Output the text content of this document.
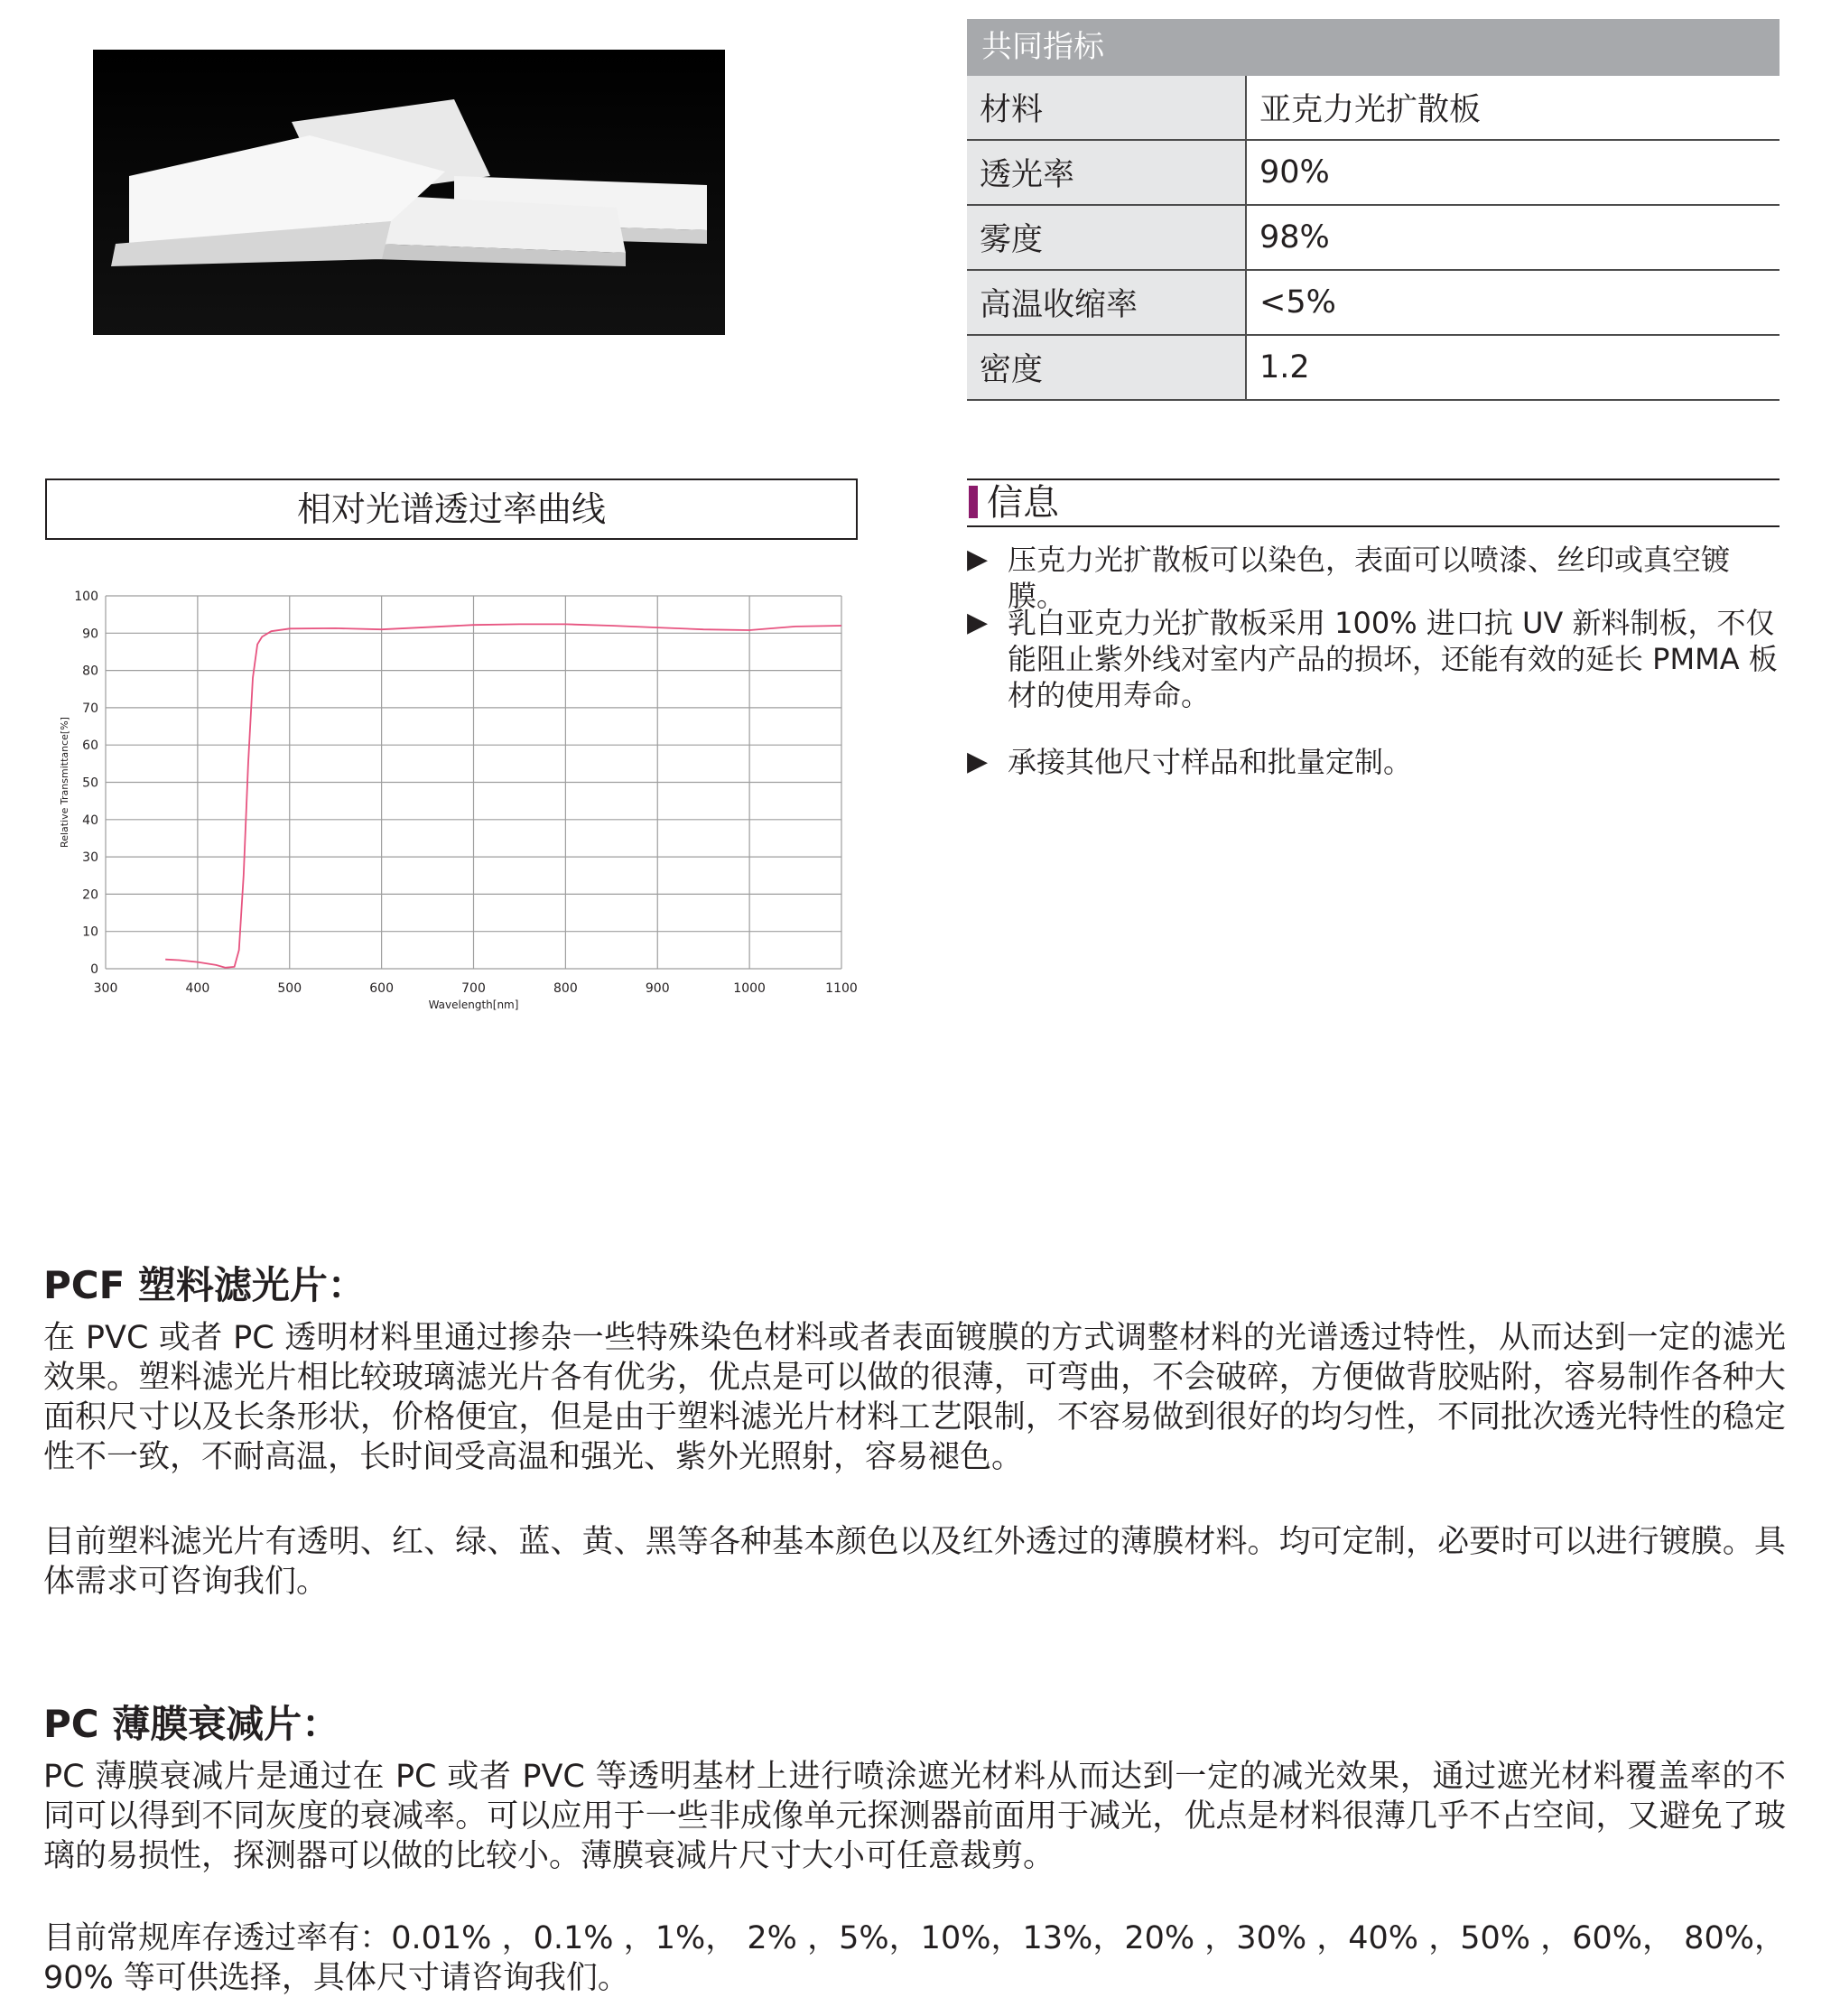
共同指标
材料	亚克力光扩散板
透光率	90%
雾度	98%
高温收缩率	<5%
密度	1.2
相对光谱透过率曲线
300	400	500	600	700	800	900	1000	1100
0
10
20
30
40
50
60
70
80
90
100
Wavelength[nm]
Relative Transmittance[%]
信息
▶ 压克力光扩散板可以染色，表面可以喷漆、丝印或真空镀膜。
▶ 乳白亚克力光扩散板采用 100% 进口抗 UV 新料制板，不仅能阻止紫外线对室内产品的损坏，还能有效的延长 PMMA 板材的使用寿命。
▶ 承接其他尺寸样品和批量定制。
PCF 塑料滤光片：
在 PVC 或者 PC 透明材料里通过掺杂一些特殊染色材料或者表面镀膜的方式调整材料的光谱透过特性，从而达到一定的滤光效果。塑料滤光片相比较玻璃滤光片各有优劣，优点是可以做的很薄，可弯曲，不会破碎，方便做背胶贴附，容易制作各种大面积尺寸以及长条形状，价格便宜，但是由于塑料滤光片材料工艺限制，不容易做到很好的均匀性，不同批次透光特性的稳定性不一致，不耐高温，长时间受高温和强光、紫外光照射，容易褪色。
目前塑料滤光片有透明、红、绿、蓝、黄、黑等各种基本颜色以及红外透过的薄膜材料。均可定制，必要时可以进行镀膜。具体需求可咨询我们。
PC 薄膜衰减片：
PC 薄膜衰减片是通过在 PC 或者 PVC 等透明基材上进行喷涂遮光材料从而达到一定的减光效果，通过遮光材料覆盖率的不同可以得到不同灰度的衰减率。可以应用于一些非成像单元探测器前面用于减光，优点是材料很薄几乎不占空间，又避免了玻璃的易损性，探测器可以做的比较小。薄膜衰减片尺寸大小可任意裁剪。
目前常规库存透过率有：0.01% ，0.1% ，1%， 2% ，5%，10%，13%，20% ，30% ，40% ，50% ，60%， 80%，90% 等可供选择，具体尺寸请咨询我们。
